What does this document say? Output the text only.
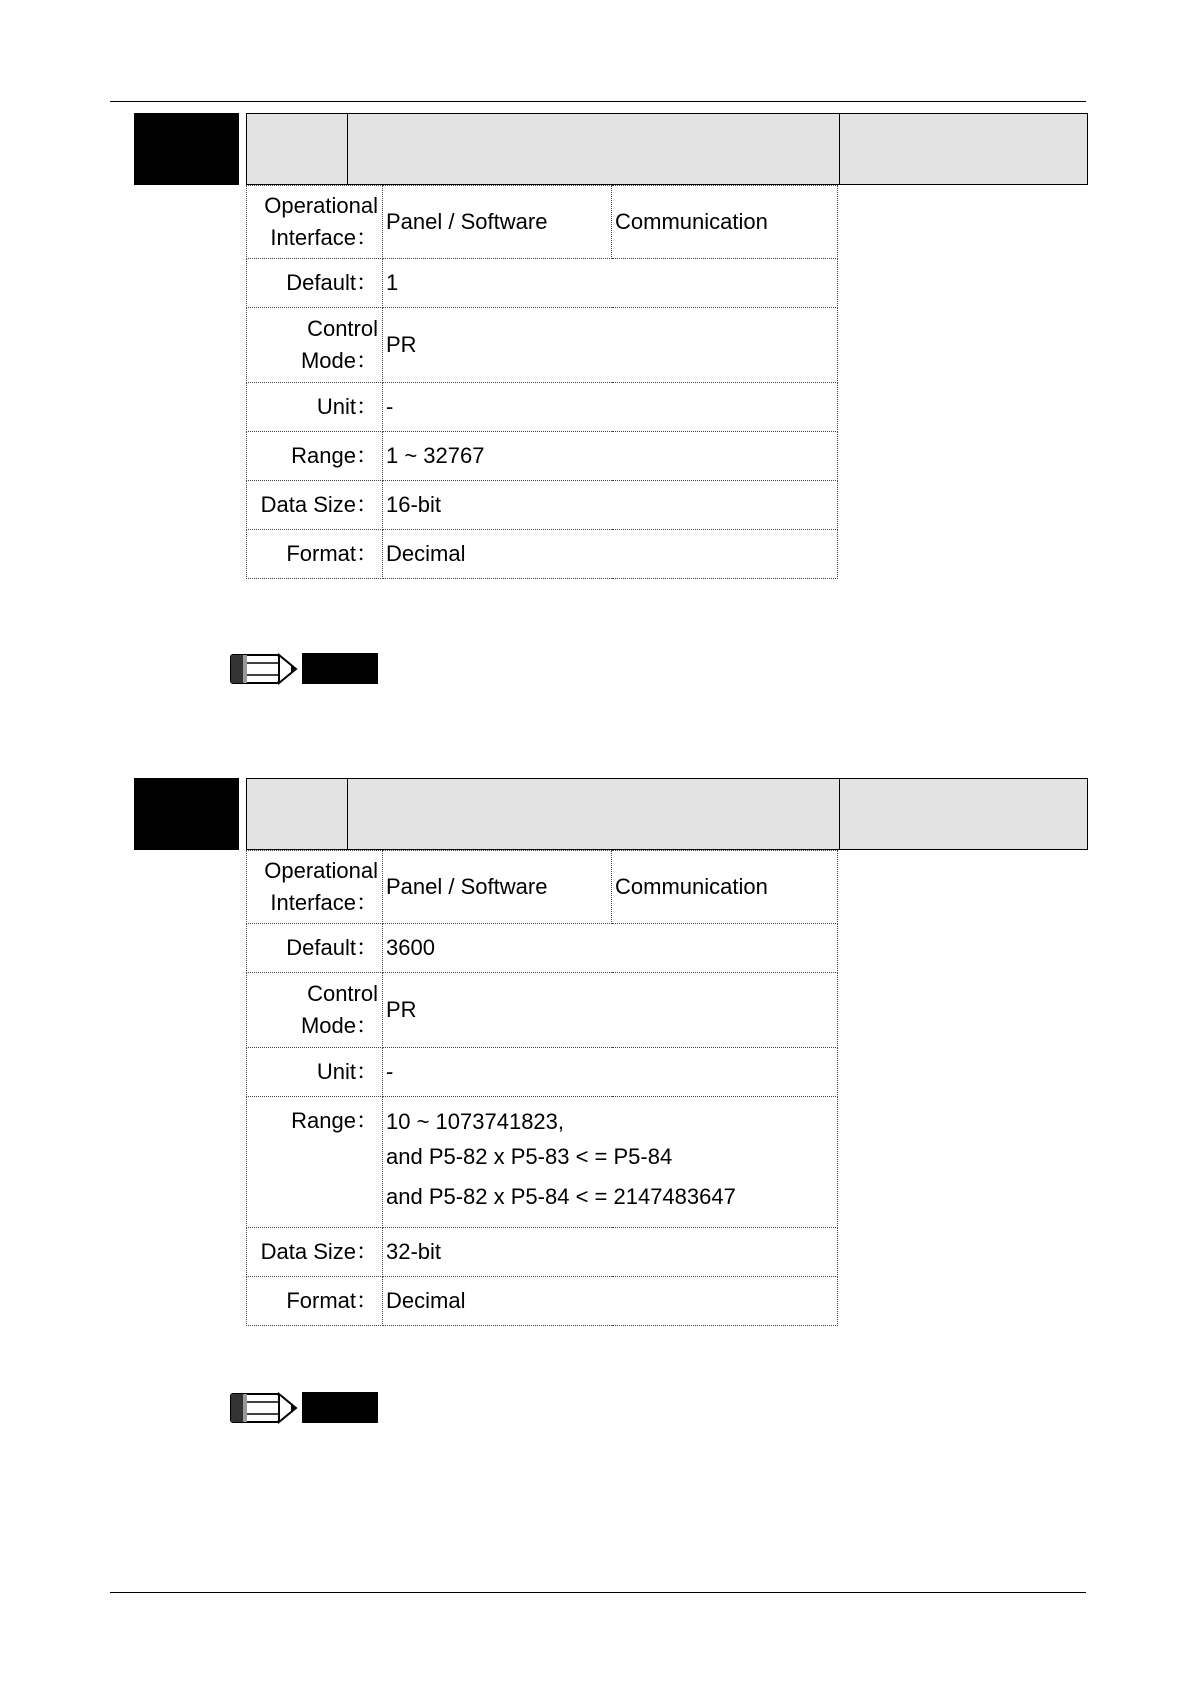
Operational
Interface：	Panel / Software	Communication
Default：	1	

Control
Mode：	PR	
Unit：	-	
Range：	1 ~ 32767	
Data Size：	16-bit	
Format：	Decimal	
Operational
Interface：	Panel / Software	Communication
Default：	3600	

Control
Mode：	PR	
Unit：	-	
Range：	10 ~ 1073741823,
and P5-82 x P5-83 < = P5-84
and P5-82 x P5-84 < = 2147483647	

Data Size：	32-bit	
Format：	Decimal	
